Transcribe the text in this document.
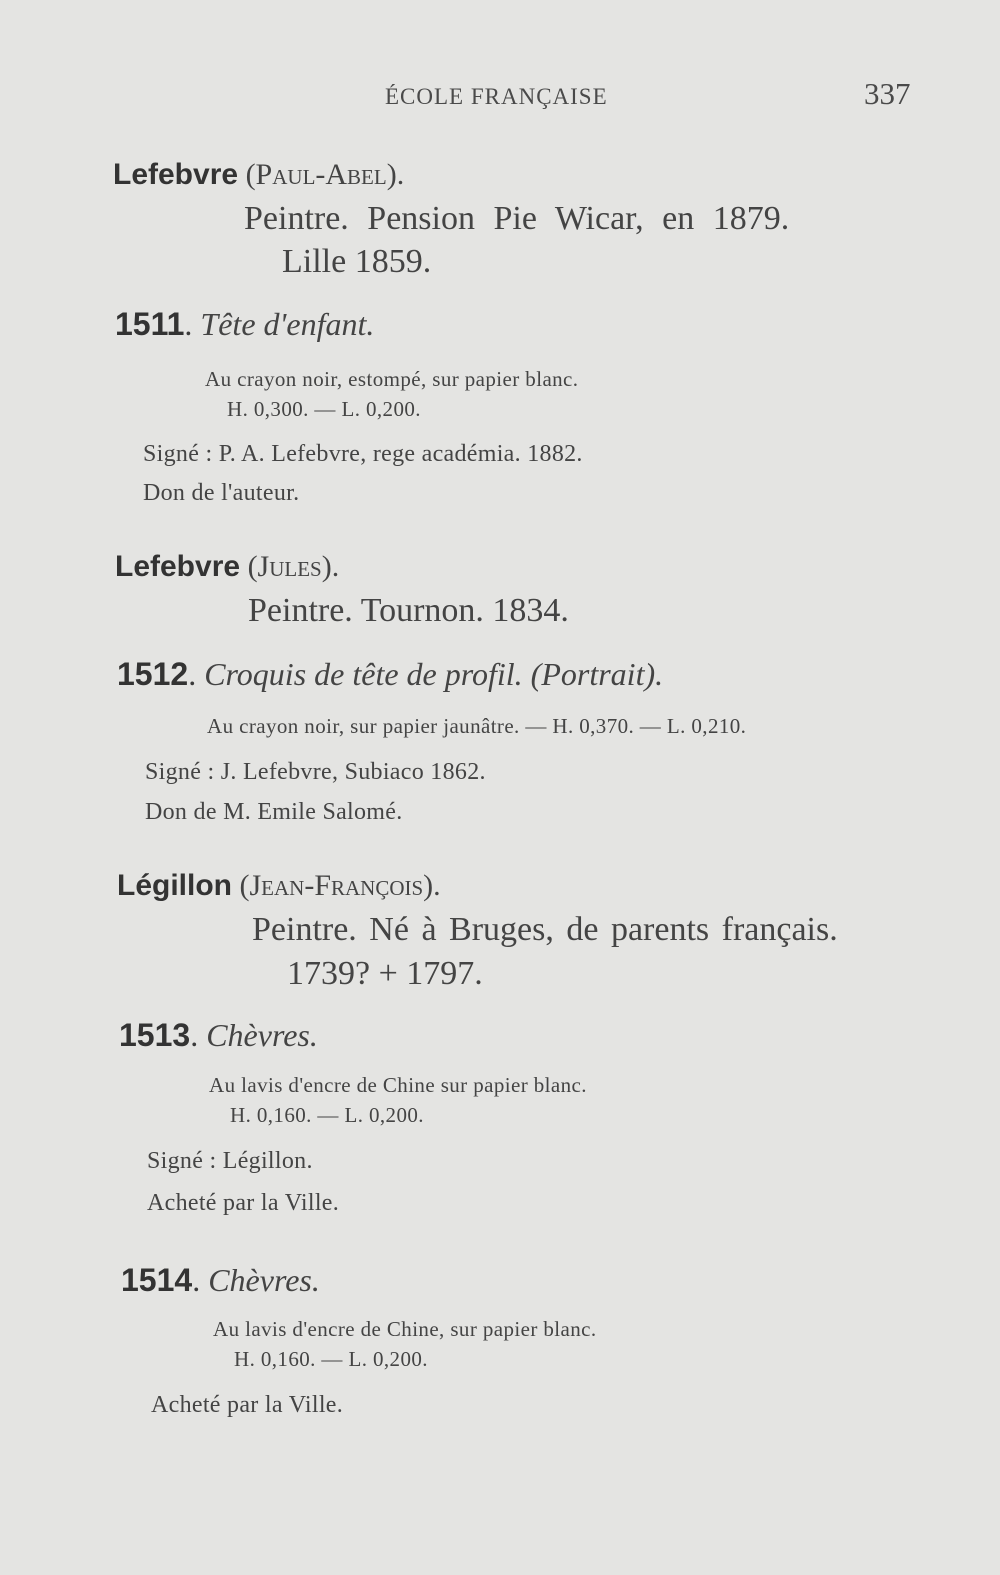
ÉCOLE FRANÇAISE	337
Lefebvre (Paul-Abel).
Peintre. Pension Pie Wicar, en 1879.
Lille 1859.
1511. Tête d'enfant.
Au crayon noir, estompé, sur papier blanc.
H. 0,300. — L. 0,200.
Signé : P. A. Lefebvre, rege académia. 1882.
Don de l'auteur.
Lefebvre (Jules).
Peintre. Tournon. 1834.
1512. Croquis de tête de profil. (Portrait).
Au crayon noir, sur papier jaunâtre. — H. 0,370. — L. 0,210.
Signé : J. Lefebvre, Subiaco 1862.
Don de M. Emile Salomé.
Légillon (Jean-François).
Peintre. Né à Bruges, de parents français.
1739? + 1797.
1513. Chèvres.
Au lavis d'encre de Chine sur papier blanc.
H. 0,160. — L. 0,200.
Signé : Légillon.
Acheté par la Ville.
1514. Chèvres.
Au lavis d'encre de Chine, sur papier blanc.
H. 0,160. — L. 0,200.
Acheté par la Ville.
